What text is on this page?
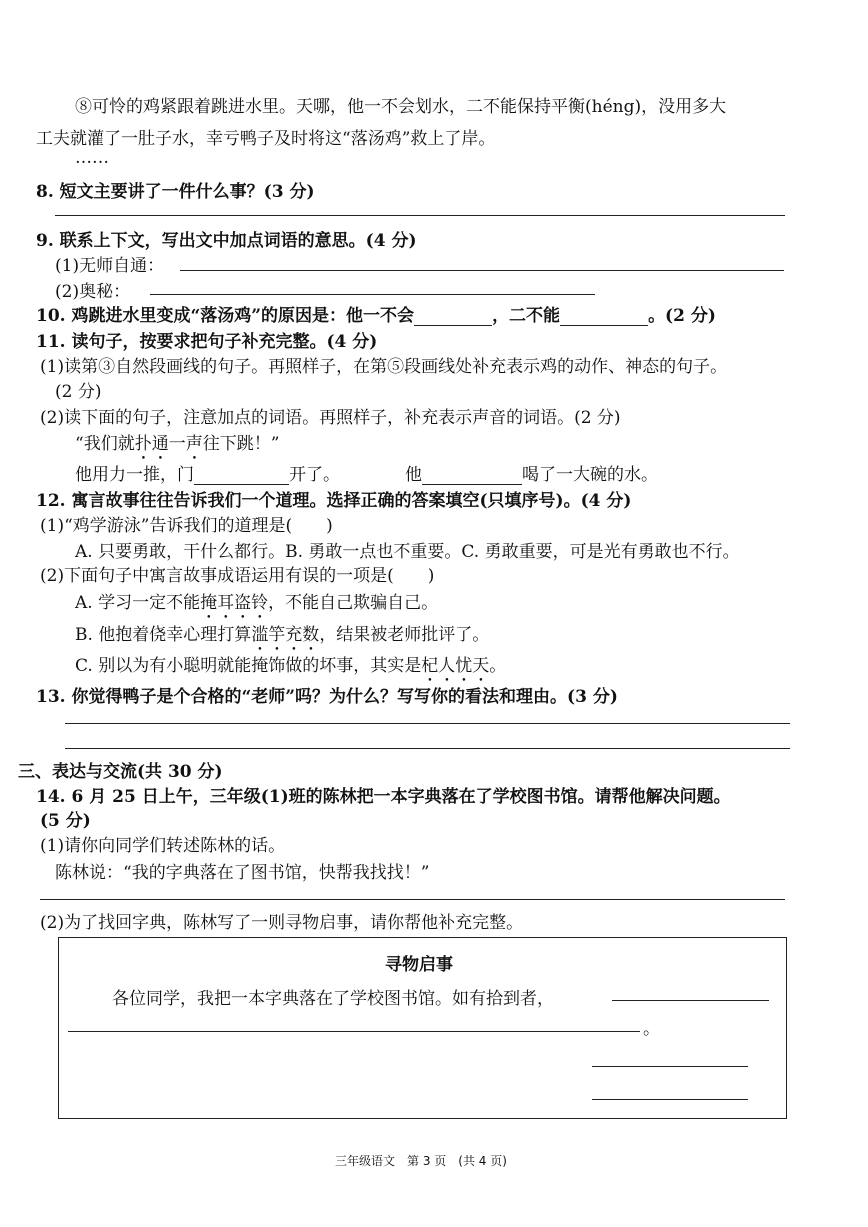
⑧可怜的鸡紧跟着跳进水里。天哪，他一不会划水，二不能保持平衡(héng)，没用多大
工夫就灌了一肚子水，幸亏鸭子及时将这“落汤鸡”救上了岸。
……
8. 短文主要讲了一件什么事？(3 分)
9. 联系上下文，写出文中加点词语的意思。(4 分)
(1)无师自通：
(2)奥秘：
10. 鸡跳进水里变成“落汤鸡”的原因是：他一不会	，二不能	。(2 分)
11. 读句子，按要求把句子补充完整。(4 分)
(1)读第③自然段画线的句子。再照样子，在第⑤段画线处补充表示鸡的动作、神态的句子。
(2 分)
(2)读下面的句子，注意加点的词语。再照样子，补充表示声音的词语。(2 分)
“我们就扑通一声往下跳！”
他用力一推，门	开了。	他	喝了一大碗的水。
12. 寓言故事往往告诉我们一个道理。选择正确的答案填空(只填序号)。(4 分)
(1)“鸡学游泳”告诉我们的道理是(　　)
A. 只要勇敢，干什么都行。B. 勇敢一点也不重要。C. 勇敢重要，可是光有勇敢也不行。
(2)下面句子中寓言故事成语运用有误的一项是(　　)
A. 学习一定不能掩耳盗铃，不能自己欺骗自己。
B. 他抱着侥幸心理打算滥竽充数，结果被老师批评了。
C. 别以为有小聪明就能掩饰做的坏事，其实是杞人忧天。
13. 你觉得鸭子是个合格的“老师”吗？为什么？写写你的看法和理由。(3 分)
三、表达与交流(共 30 分)
14. 6 月 25 日上午，三年级(1)班的陈林把一本字典落在了学校图书馆。请帮他解决问题。
(5 分)
(1)请你向同学们转述陈林的话。
陈林说：“我的字典落在了图书馆，快帮我找找！”
(2)为了找回字典，陈林写了一则寻物启事，请你帮他补充完整。
寻物启事
各位同学，我把一本字典落在了学校图书馆。如有拾到者，
。
三年级语文　第 3 页　(共 4 页)
